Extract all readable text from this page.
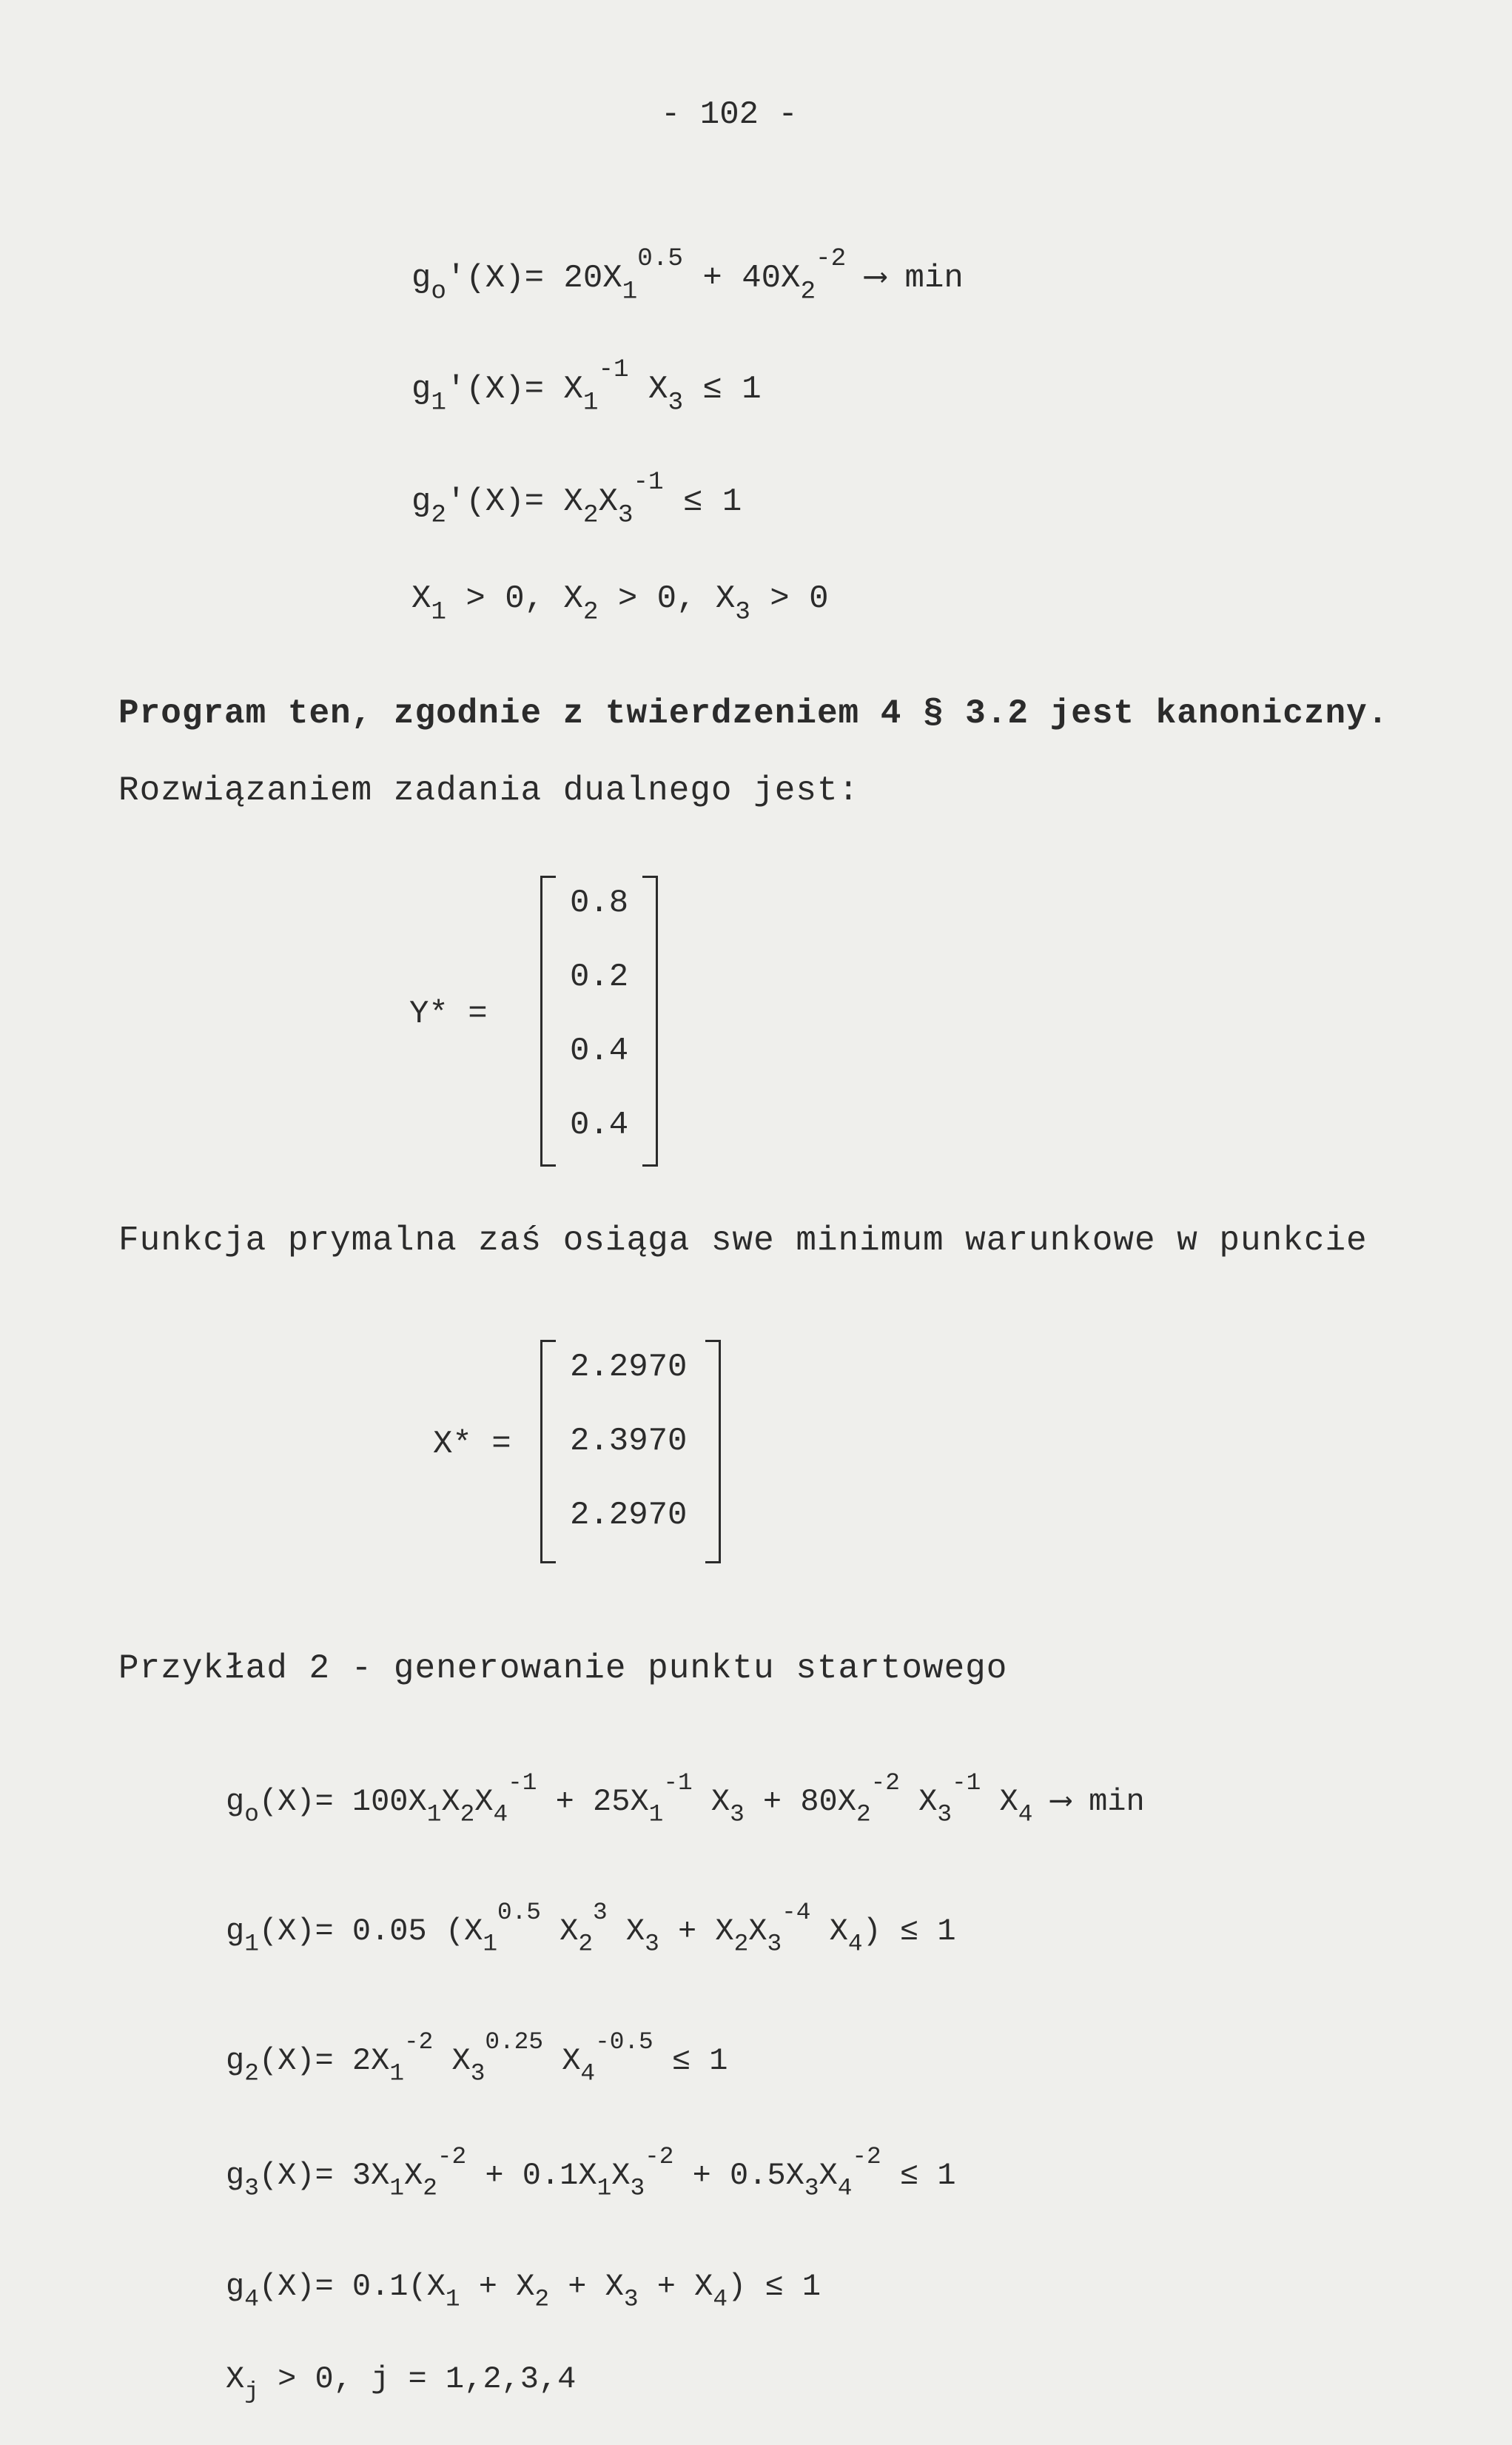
- 102 -
$g_o'(X)= 20X_1^{0.5} + 40X_2^{-2}$ ⟶ min
$g_1'(X)= X_1^{-1}$ $X_3 \le 1$
$g_2'(X)= X_2X_3^{-1} \le 1$
$X_1 > 0$, $X_2 > 0$, $X_3 > 0$
Program ten, zgodnie z twierdzeniem 4 § 3.2 jest kanoniczny.
Rozwiązaniem zadania dualnego jest:
Y* =
0.8
0.2
0.4
0.4
Funkcja prymalna zaś osiąga swe minimum warunkowe w punkcie
X* =
2.2970
2.3970
2.2970
Przykład 2 - generowanie punktu startowego
$g_o(X)= 100X_1X_2X_4^{-1} + 25X_1^{-1}$ $X_3 + 80X_2^{-2}$ $X_3^{-1}$ $X_4$ ⟶ min
$g_1(X)= 0.05$ ($X_1^{0.5}$ $X_2^3$ $X_3 + X_2X_3^{-4}$ $X_4) \le 1$
$g_2(X)= 2X_1^{-2}$ $X_3^{0.25}$ $X_4^{-0.5} \le 1$
$g_3(X)= 3X_1X_2^{-2} + 0.1X_1X_3^{-2} + 0.5X_3X_4^{-2} \le 1$
$g_4(X)= 0.1(X_1 + X_2 + X_3 + X_4) \le 1$
$X_j > 0$, j = 1,2,3,4
